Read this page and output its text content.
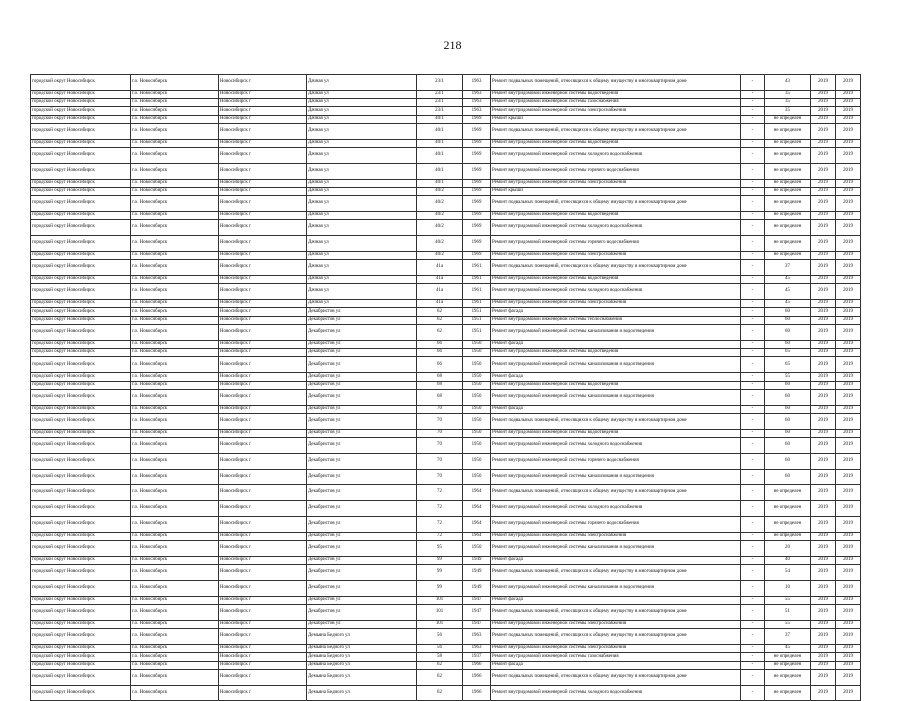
218
городской округ Новосибирск	г.о. Новосибирск	Новосибирск г	Дачная ул	23/1	1963	Ремонт подвальных помещений, относящихся к общему имуществу в многоквартирном доме	-	43	2019	2019
городской округ Новосибирск	г.о. Новосибирск	Новосибирск г	Дачная ул	23/1	1963	Ремонт внутридомовой инженерной системы водоотведения	-	35	2019	2019
городской округ Новосибирск	г.о. Новосибирск	Новосибирск г	Дачная ул	23/1	1963	Ремонт внутридомовой инженерной системы газоснабжения	-	35	2019	2019
городской округ Новосибирск	г.о. Новосибирск	Новосибирск г	Дачная ул	23/1	1963	Ремонт внутридомовой инженерной системы электроснабжения	-	35	2019	2019
городской округ Новосибирск	г.о. Новосибирск	Новосибирск г	Дачная ул	40/1	1969	Ремонт крыши	-	не определен	2019	2019
городской округ Новосибирск	г.о. Новосибирск	Новосибирск г	Дачная ул	40/1	1969	Ремонт подвальных помещений, относящихся к общему имуществу в многоквартирном доме	-	не определен	2019	2019
городской округ Новосибирск	г.о. Новосибирск	Новосибирск г	Дачная ул	40/1	1969	Ремонт внутридомовой инженерной системы водоотведения	-	не определен	2019	2019
городской округ Новосибирск	г.о. Новосибирск	Новосибирск г	Дачная ул	40/1	1969	Ремонт внутридомовой инженерной системы холодного водоснабжения	-	не определен	2019	2019
городской округ Новосибирск	г.о. Новосибирск	Новосибирск г	Дачная ул	40/1	1969	Ремонт внутридомовой инженерной системы горячего водоснабжения	-	не определен	2019	2019
городской округ Новосибирск	г.о. Новосибирск	Новосибирск г	Дачная ул	40/1	1969	Ремонт внутридомовой инженерной системы электроснабжения	-	не определен	2019	2019
городской округ Новосибирск	г.о. Новосибирск	Новосибирск г	Дачная ул	40/2	1969	Ремонт крыши	-	не определен	2019	2019
городской округ Новосибирск	г.о. Новосибирск	Новосибирск г	Дачная ул	40/2	1969	Ремонт подвальных помещений, относящихся к общему имуществу в многоквартирном доме	-	не определен	2019	2019
городской округ Новосибирск	г.о. Новосибирск	Новосибирск г	Дачная ул	40/2	1969	Ремонт внутридомовой инженерной системы водоотведения	-	не определен	2019	2019
городской округ Новосибирск	г.о. Новосибирск	Новосибирск г	Дачная ул	40/2	1969	Ремонт внутридомовой инженерной системы холодного водоснабжения	-	не определен	2019	2019
городской округ Новосибирск	г.о. Новосибирск	Новосибирск г	Дачная ул	40/2	1969	Ремонт внутридомовой инженерной системы горячего водоснабжения	-	не определен	2019	2019
городской округ Новосибирск	г.о. Новосибирск	Новосибирск г	Дачная ул	40/2	1969	Ремонт внутридомовой инженерной системы электроснабжения	-	не определен	2019	2019
городской округ Новосибирск	г.о. Новосибирск	Новосибирск г	Дачная ул	41а	1961	Ремонт подвальных помещений, относящихся к общему имуществу в многоквартирном доме	-	37	2019	2019
городской округ Новосибирск	г.о. Новосибирск	Новосибирск г	Дачная ул	41а	1961	Ремонт внутридомовой инженерной системы водоотведения	-	45	2019	2019
городской округ Новосибирск	г.о. Новосибирск	Новосибирск г	Дачная ул	41а	1961	Ремонт внутридомовой инженерной системы холодного водоснабжения	-	45	2019	2019
городской округ Новосибирск	г.о. Новосибирск	Новосибирск г	Дачная ул	41а	1961	Ремонт внутридомовой инженерной системы электроснабжения	-	45	2019	2019
городской округ Новосибирск	г.о. Новосибирск	Новосибирск г	Декабристов ул	62	1951	Ремонт фасада	-	60	2019	2019
городской округ Новосибирск	г.о. Новосибирск	Новосибирск г	Декабристов ул	62	1951	Ремонт внутридомовой инженерной системы теплоснабжения	-	60	2019	2019
городской округ Новосибирск	г.о. Новосибирск	Новосибирск г	Декабристов ул	62	1951	Ремонт внутридомовой инженерной системы канализования и водоотведения	-	60	2019	2019
городской округ Новосибирск	г.о. Новосибирск	Новосибирск г	Декабристов ул	66	1950	Ремонт фасада	-	60	2019	2019
городской округ Новосибирск	г.о. Новосибирск	Новосибирск г	Декабристов ул	66	1950	Ремонт внутридомовой инженерной системы водоотведения	-	65	2019	2019
городской округ Новосибирск	г.о. Новосибирск	Новосибирск г	Декабристов ул	66	1950	Ремонт внутридомовой инженерной системы канализования и водоотведения	-	65	2019	2019
городской округ Новосибирск	г.о. Новосибирск	Новосибирск г	Декабристов ул	68	1950	Ремонт фасада	-	55	2019	2019
городской округ Новосибирск	г.о. Новосибирск	Новосибирск г	Декабристов ул	68	1950	Ремонт внутридомовой инженерной системы водоотведения	-	60	2019	2019
городской округ Новосибирск	г.о. Новосибирск	Новосибирск г	Декабристов ул	68	1950	Ремонт внутридомовой инженерной системы канализования и водоотведения	-	60	2019	2019
городской округ Новосибирск	г.о. Новосибирск	Новосибирск г	Декабристов ул	70	1950	Ремонт фасада	-	60	2019	2019
городской округ Новосибирск	г.о. Новосибирск	Новосибирск г	Декабристов ул	70	1950	Ремонт подвальных помещений, относящихся к общему имуществу в многоквартирном доме	-	60	2019	2019
городской округ Новосибирск	г.о. Новосибирск	Новосибирск г	Декабристов ул	70	1950	Ремонт внутридомовой инженерной системы водоотведения	-	60	2019	2019
городской округ Новосибирск	г.о. Новосибирск	Новосибирск г	Декабристов ул	70	1950	Ремонт внутридомовой инженерной системы холодного водоснабжения	-	60	2019	2019
городской округ Новосибирск	г.о. Новосибирск	Новосибирск г	Декабристов ул	70	1950	Ремонт внутридомовой инженерной системы горячего водоснабжения	-	60	2019	2019
городской округ Новосибирск	г.о. Новосибирск	Новосибирск г	Декабристов ул	70	1950	Ремонт внутридомовой инженерной системы канализования и водоотведения	-	60	2019	2019
городской округ Новосибирск	г.о. Новосибирск	Новосибирск г	Декабристов ул	72	1964	Ремонт подвальных помещений, относящихся к общему имуществу в многоквартирном доме	-	не определен	2019	2019
городской округ Новосибирск	г.о. Новосибирск	Новосибирск г	Декабристов ул	72	1964	Ремонт внутридомовой инженерной системы холодного водоснабжения	-	не определен	2019	2019
городской округ Новосибирск	г.о. Новосибирск	Новосибирск г	Декабристов ул	72	1964	Ремонт внутридомовой инженерной системы горячего водоснабжения	-	не определен	2019	2019
городской округ Новосибирск	г.о. Новосибирск	Новосибирск г	Декабристов ул	72	1964	Ремонт внутридомовой инженерной системы электроснабжения	-	не определен	2019	2019
городской округ Новосибирск	г.о. Новосибирск	Новосибирск г	Декабристов ул	95	1950	Ремонт внутридомовой инженерной системы канализования и водоотведения	-	20	2019	2019
городской округ Новосибирск	г.о. Новосибирск	Новосибирск г	Декабристов ул	99	1949	Ремонт фасада	-	40	2019	2019
городской округ Новосибирск	г.о. Новосибирск	Новосибирск г	Декабристов ул	99	1949	Ремонт подвальных помещений, относящихся к общему имуществу в многоквартирном доме	-	54	2019	2019
городской округ Новосибирск	г.о. Новосибирск	Новосибирск г	Декабристов ул	99	1949	Ремонт внутридомовой инженерной системы канализования и водоотведения	-	10	2019	2019
городской округ Новосибирск	г.о. Новосибирск	Новосибирск г	Декабристов ул	101	1947	Ремонт фасада	-	55	2019	2019
городской округ Новосибирск	г.о. Новосибирск	Новосибирск г	Декабристов ул	101	1947	Ремонт подвальных помещений, относящихся к общему имуществу в многоквартирном доме	-	51	2019	2019
городской округ Новосибирск	г.о. Новосибирск	Новосибирск г	Декабристов ул	101	1947	Ремонт внутридомовой инженерной системы электроснабжения	-	55	2019	2019
городской округ Новосибирск	г.о. Новосибирск	Новосибирск г	Демьяна Бедного ул	56	1963	Ремонт подвальных помещений, относящихся к общему имуществу в многоквартирном доме	-	37	2019	2019
городской округ Новосибирск	г.о. Новосибирск	Новосибирск г	Демьяна Бедного ул	56	1963	Ремонт внутридомовой инженерной системы электроснабжения	-	45	2019	2019
городской округ Новосибирск	г.о. Новосибирск	Новосибирск г	Демьяна Бедного ул	58	1937	Ремонт внутридомовой инженерной системы газоснабжения	-	не определен	2019	2019
городской округ Новосибирск	г.о. Новосибирск	Новосибирск г	Демьяна Бедного ул	62	1966	Ремонт фасада	-	не определен	2019	2019
городской округ Новосибирск	г.о. Новосибирск	Новосибирск г	Демьяна Бедного ул	62	1966	Ремонт подвальных помещений, относящихся к общему имуществу в многоквартирном доме	-	не определен	2019	2019
городской округ Новосибирск	г.о. Новосибирск	Новосибирск г	Демьяна Бедного ул	62	1966	Ремонт внутридомовой инженерной системы холодного водоснабжения	-	не определен	2019	2019
